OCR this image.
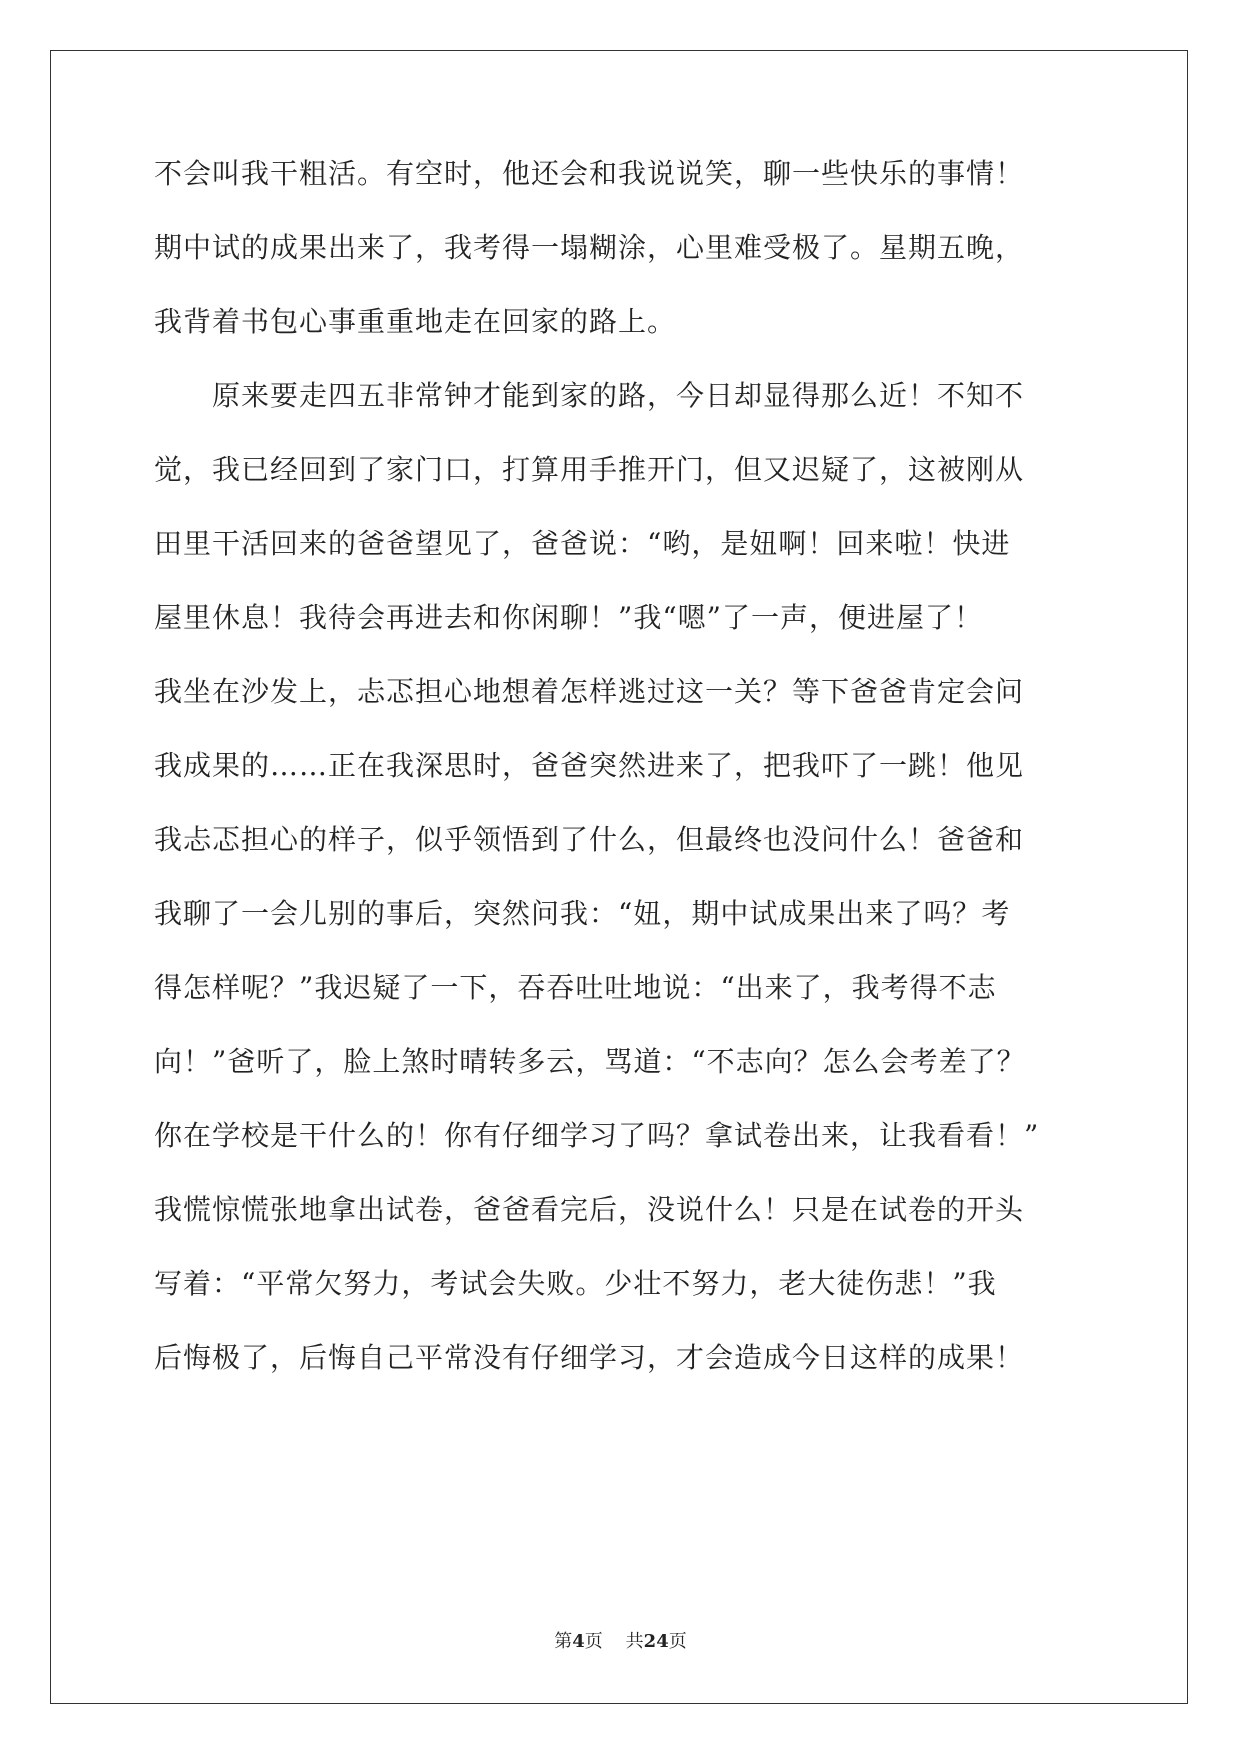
不会叫我干粗活。有空时，他还会和我说说笑，聊一些快乐的事情！
期中试的成果出来了，我考得一塌糊涂，心里难受极了。星期五晚，
我背着书包心事重重地走在回家的路上。
原来要走四五非常钟才能到家的路，今日却显得那么近！不知不
觉，我已经回到了家门口，打算用手推开门，但又迟疑了，这被刚从
田里干活回来的爸爸望见了，爸爸说：“哟，是妞啊！回来啦！快进
屋里休息！我待会再进去和你闲聊！”我“嗯”了一声，便进屋了！
我坐在沙发上，忐忑担心地想着怎样逃过这一关？等下爸爸肯定会问
我成果的……正在我深思时，爸爸突然进来了，把我吓了一跳！他见
我忐忑担心的样子，似乎领悟到了什么，但最终也没问什么！爸爸和
我聊了一会儿别的事后，突然问我：“妞，期中试成果出来了吗？考
得怎样呢？”我迟疑了一下，吞吞吐吐地说：“出来了，我考得不志
向！”爸听了，脸上煞时晴转多云，骂道：“不志向？怎么会考差了？
你在学校是干什么的！你有仔细学习了吗？拿试卷出来，让我看看！”
我慌惊慌张地拿出试卷，爸爸看完后，没说什么！只是在试卷的开头
写着：“平常欠努力，考试会失败。少壮不努力，老大徒伤悲！”我
后悔极了，后悔自己平常没有仔细学习，才会造成今日这样的成果！
第4页 共24页
